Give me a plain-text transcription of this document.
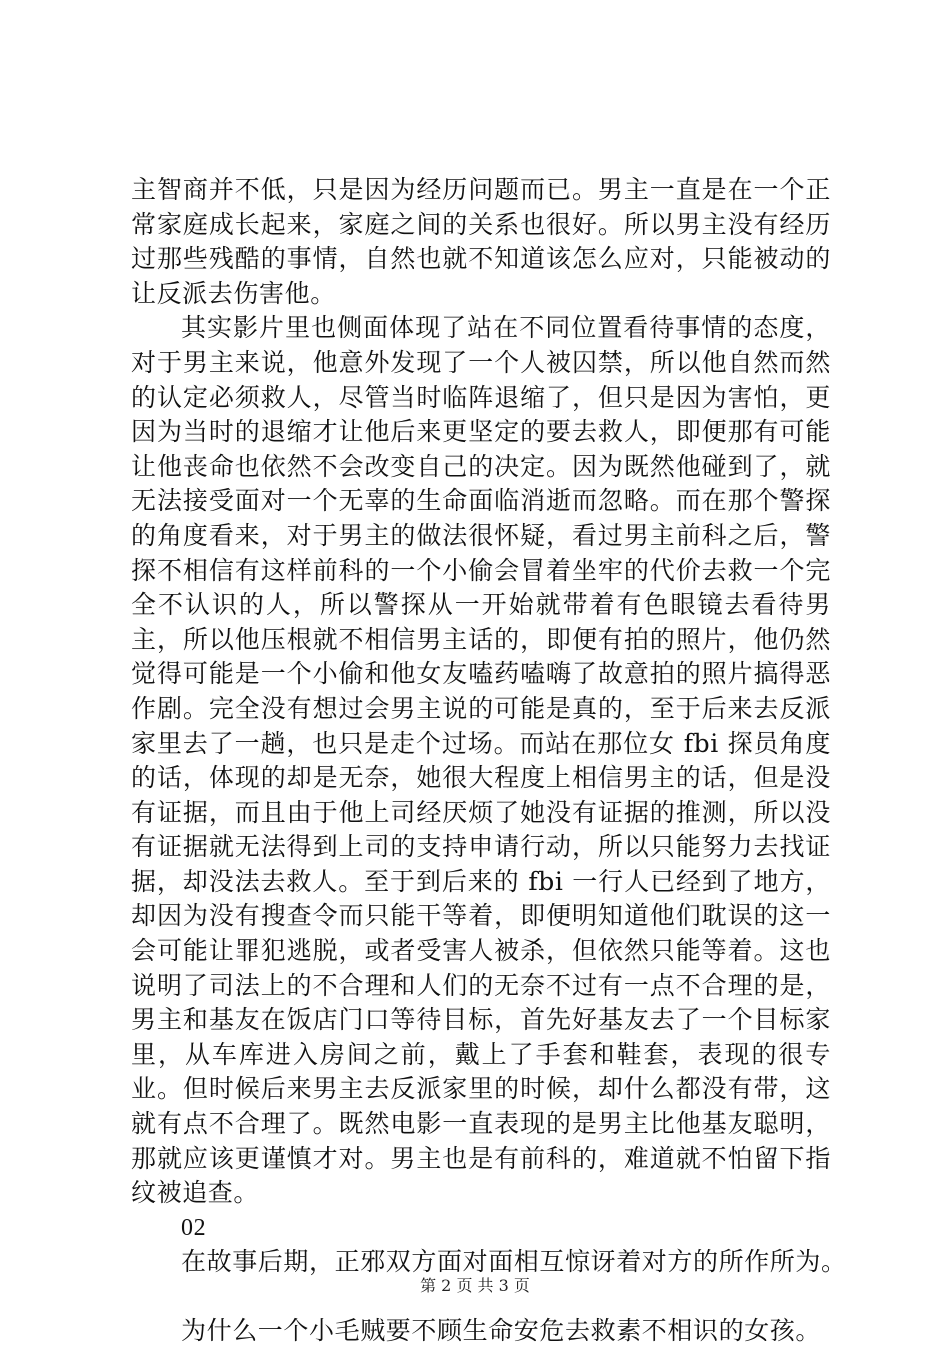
主智商并不低，只是因为经历问题而已。男主一直是在一个正常家庭成长起来，家庭之间的关系也很好。所以男主没有经历过那些残酷的事情，自然也就不知道该怎么应对，只能被动的让反派去伤害他。

其实影片里也侧面体现了站在不同位置看待事情的态度，对于男主来说，他意外发现了一个人被囚禁，所以他自然而然的认定必须救人，尽管当时临阵退缩了，但只是因为害怕，更因为当时的退缩才让他后来更坚定的要去救人，即便那有可能让他丧命也依然不会改变自己的决定。因为既然他碰到了，就无法接受面对一个无辜的生命面临消逝而忽略。而在那个警探的角度看来，对于男主的做法很怀疑，看过男主前科之后，警探不相信有这样前科的一个小偷会冒着坐牢的代价去救一个完全不认识的人，所以警探从一开始就带着有色眼镜去看待男主，所以他压根就不相信男主话的，即便有拍的照片，他仍然觉得可能是一个小偷和他女友嗑药嗑嗨了故意拍的照片搞得恶作剧。完全没有想过会男主说的可能是真的，至于后来去反派家里去了一趟，也只是走个过场。而站在那位女 fbi 探员角度的话，体现的却是无奈，她很大程度上相信男主的话，但是没有证据，而且由于他上司经厌烦了她没有证据的推测，所以没有证据就无法得到上司的支持申请行动，所以只能努力去找证据，却没法去救人。至于到后来的 fbi 一行人已经到了地方，却因为没有搜查令而只能干等着，即便明知道他们耽误的这一会可能让罪犯逃脱，或者受害人被杀，但依然只能等着。这也说明了司法上的不合理和人们的无奈不过有一点不合理的是，男主和基友在饭店门口等待目标，首先好基友去了一个目标家里，从车库进入房间之前，戴上了手套和鞋套，表现的很专业。但时候后来男主去反派家里的时候，却什么都没有带，这就有点不合理了。既然电影一直表现的是男主比他基友聪明，那就应该更谨慎才对。男主也是有前科的，难道就不怕留下指纹被追查。

02

在故事后期，正邪双方面对面相互惊讶着对方的所作所为。

为什么一个小毛贼要不顾生命安危去救素不相识的女孩。

第 2 页 共 3 页
